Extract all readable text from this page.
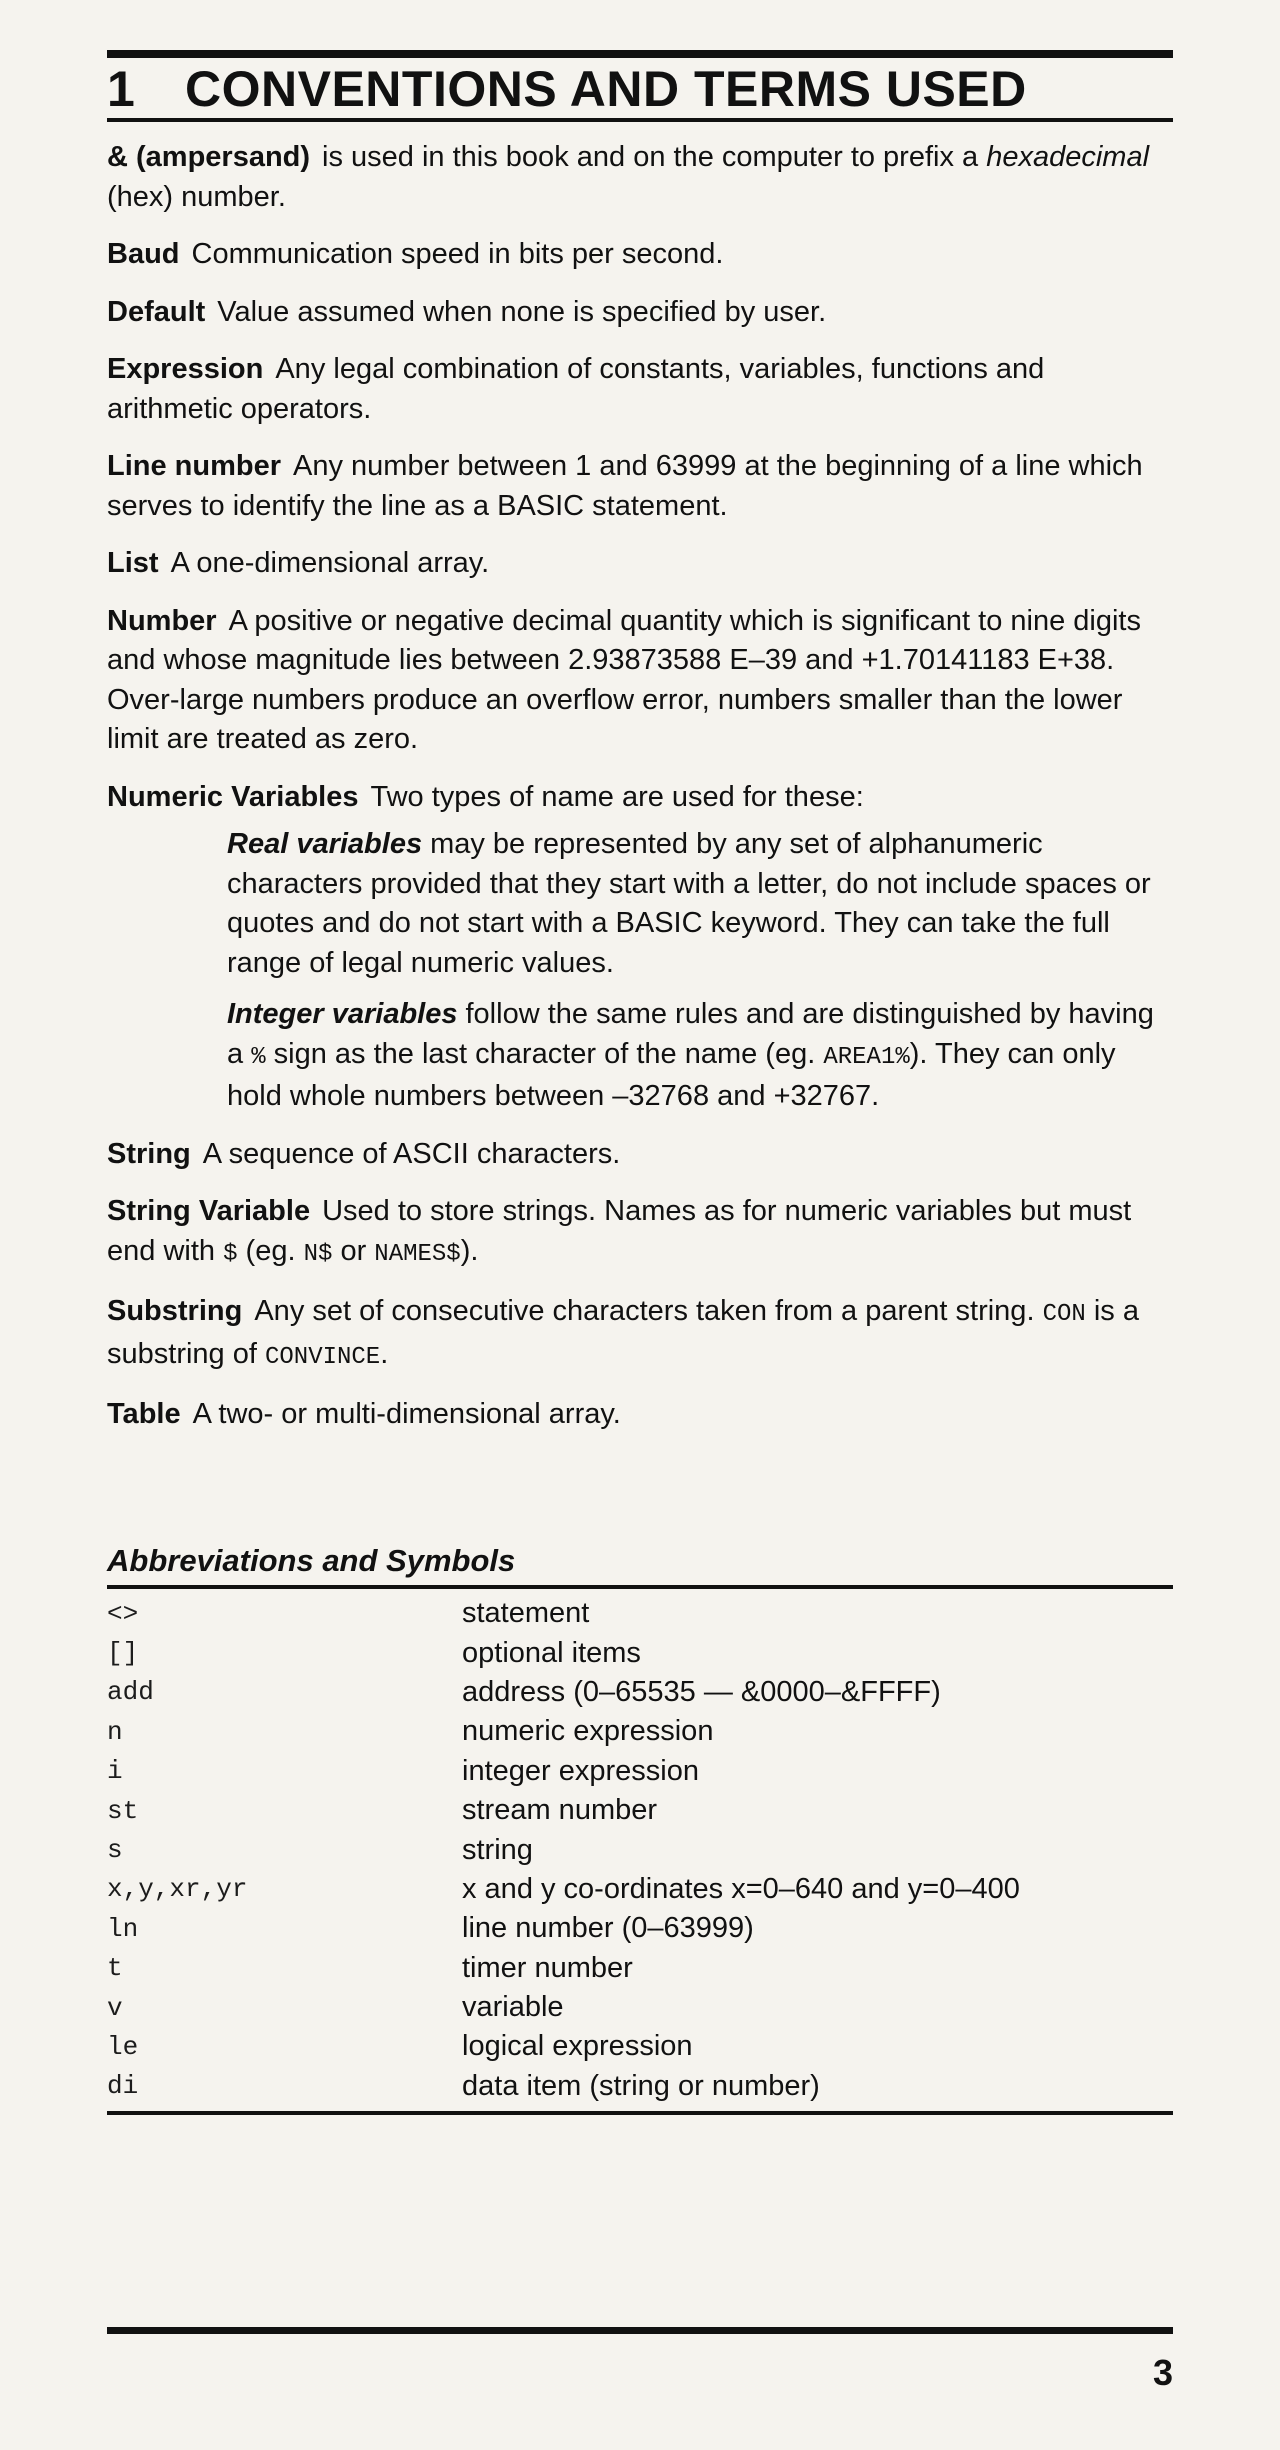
1 CONVENTIONS AND TERMS USED

& (ampersand) is used in this book and on the computer to prefix a hexadecimal (hex) number.

Baud Communication speed in bits per second.

Default Value assumed when none is specified by user.

Expression Any legal combination of constants, variables, functions and arithmetic operators.

Line number Any number between 1 and 63999 at the beginning of a line which serves to identify the line as a BASIC statement.

List A one-dimensional array.

Number A positive or negative decimal quantity which is significant to nine digits and whose magnitude lies between 2.93873588 E–39 and +1.70141183 E+38. Over-large numbers produce an overflow error, numbers smaller than the lower limit are treated as zero.

Numeric Variables Two types of name are used for these:

Real variables may be represented by any set of alphanumeric characters provided that they start with a letter, do not include spaces or quotes and do not start with a BASIC keyword. They can take the full range of legal numeric values.

Integer variables follow the same rules and are distinguished by having a % sign as the last character of the name (eg. AREA1%). They can only hold whole numbers between –32768 and +32767.

String A sequence of ASCII characters.

String Variable Used to store strings. Names as for numeric variables but must end with $ (eg. N$ or NAMES$).

Substring Any set of consecutive characters taken from a parent string. CON is a substring of CONVINCE.

Table A two- or multi-dimensional array.

Abbreviations and Symbols
<>	statement
[]	optional items
add	address (0–65535 — &0000–&FFFF)
n	numeric expression
i	integer expression
st	stream number
s	string
x,y,xr,yr	x and y co-ordinates x=0–640 and y=0–400
ln	line number (0–63999)
t	timer number
v	variable
le	logical expression
di	data item (string or number)
3
